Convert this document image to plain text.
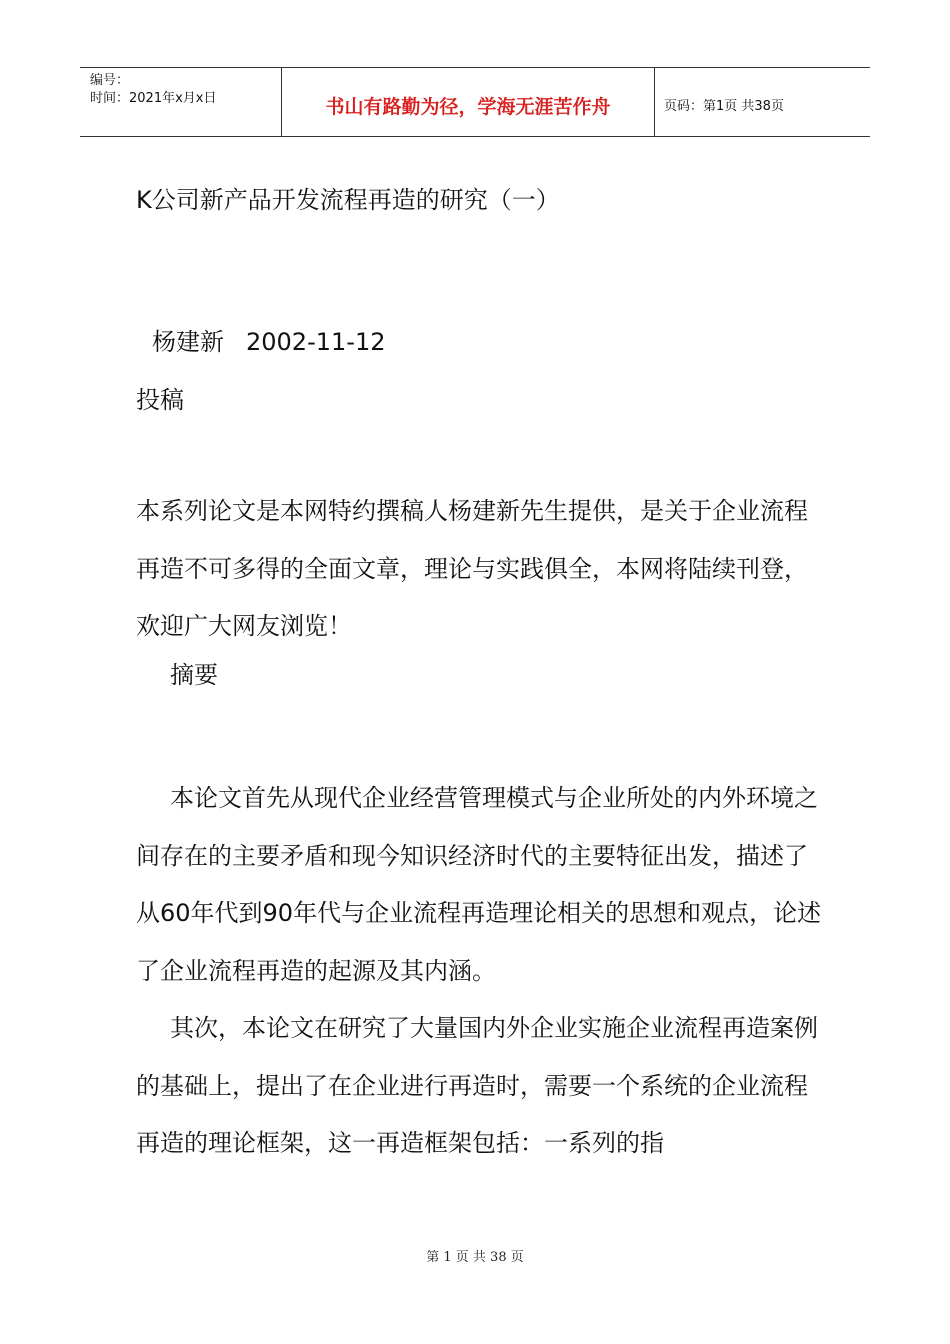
编号：
时间：2021年x月x日	书山有路勤为径，学海无涯苦作舟	页码：第1页 共38页
K公司新产品开发流程再造的研究（一）
杨建新 2002-11-12
投稿
本系列论文是本网特约撰稿人杨建新先生提供，是关于企业流程再造不可多得的全面文章，理论与实践俱全，本网将陆续刊登，欢迎广大网友浏览！
摘要
本论文首先从现代企业经营管理模式与企业所处的内外环境之间存在的主要矛盾和现今知识经济时代的主要特征出发，描述了从60年代到90年代与企业流程再造理论相关的思想和观点，论述了企业流程再造的起源及其内涵。
其次，本论文在研究了大量国内外企业实施企业流程再造案例的基础上，提出了在企业进行再造时，需要一个系统的企业流程再造的理论框架，这一再造框架包括：一系列的指
第 1 页 共 38 页
